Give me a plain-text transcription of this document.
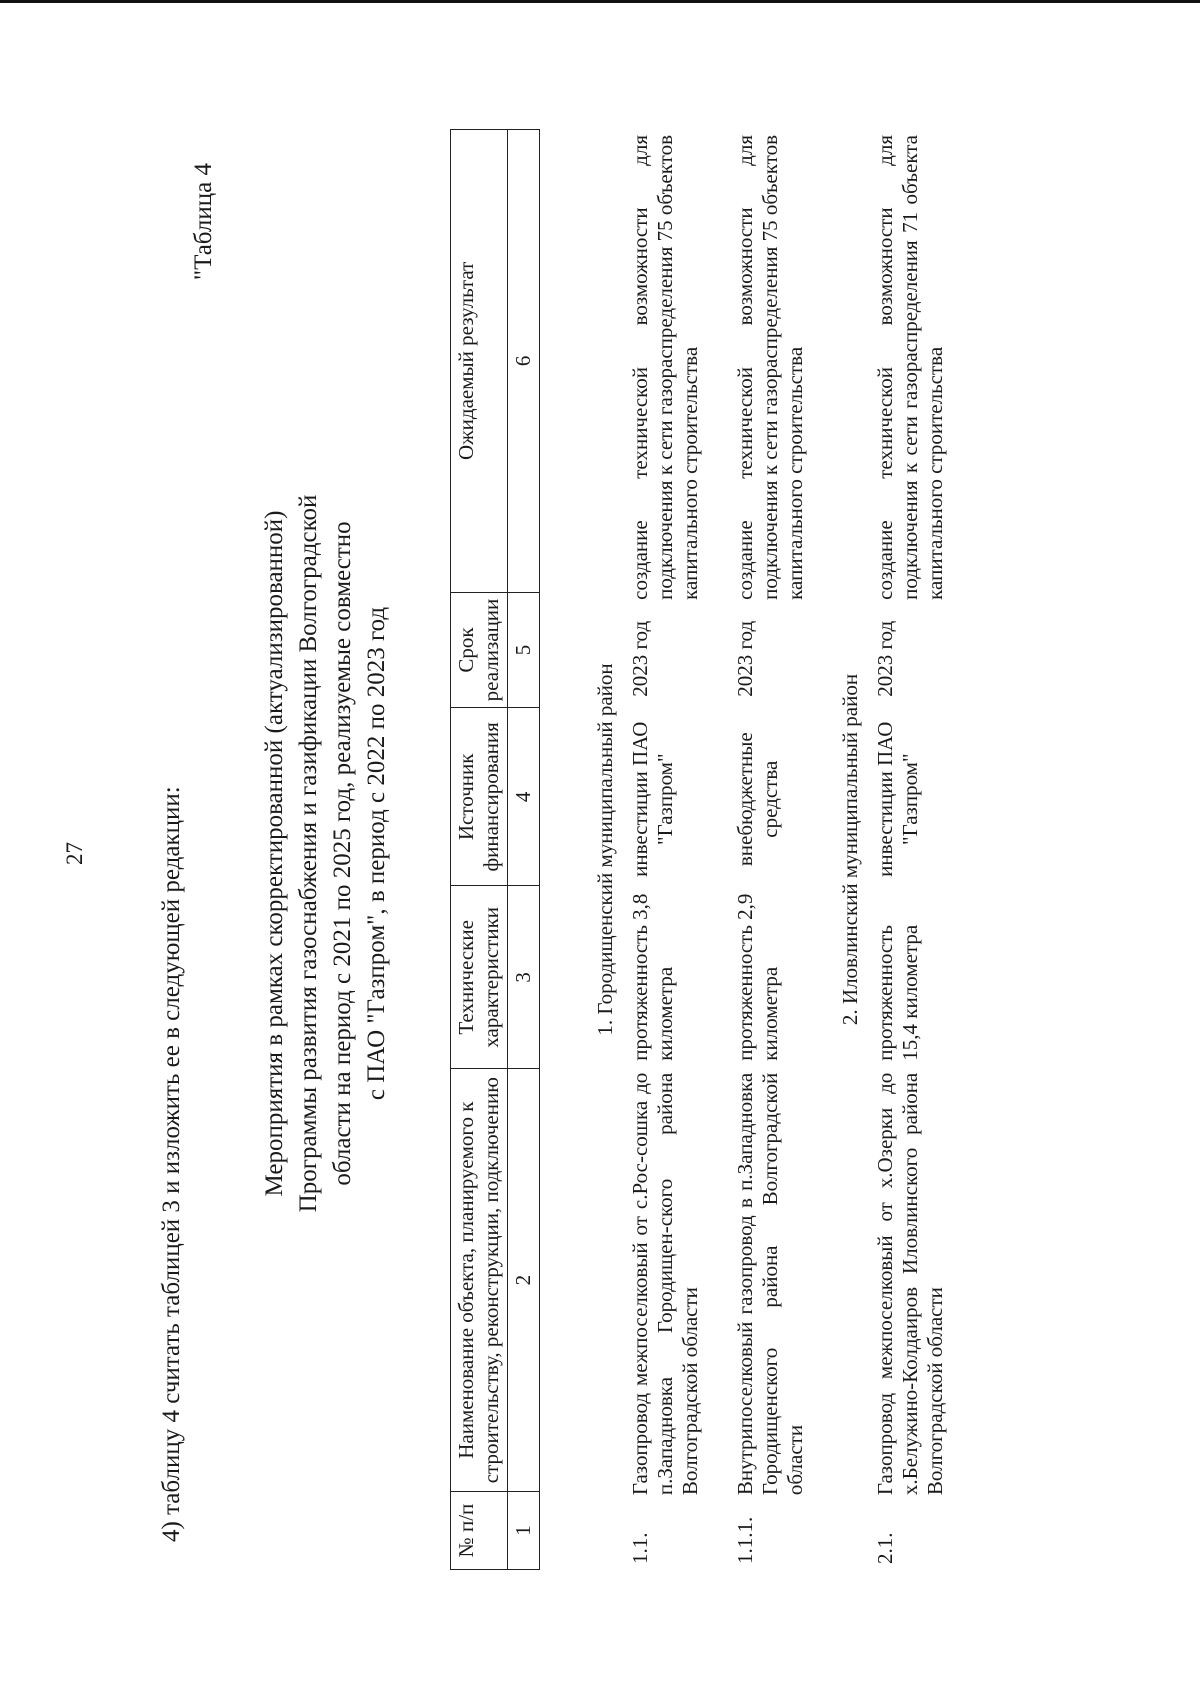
27	4) таблицу 4 считать таблицей 3 и изложить ее в следующей редакции:
"Таблица 4
Мероприятия в рамках скорректированной (актуализированной) Программы развития газоснабжения и газификации Волгоградской области на период с 2021 по 2025 год, реализуемые совместно с ПАО "Газпром", в период с 2022 по 2023 год
№ п/п	Наименование объекта, планируемого к строительству, реконструкции, подключению	Технические характеристики	Источник финансирования	Срок реализации	Ожидаемый результат
1	2	3	4	5	6
1. Городищенский муниципальный район					
1.1.	Газопровод межпоселковый от с.Рос-сошка до п.Западновка Городищен-ского района Волгоградской области	протяженность 3,8 километра	инвестиции ПАО "Газпром"	2023 год	создание технической возможности для подключения к сети газораспределения 75 объектов капитального строительства

1.1.1.	Внутрипоселковый газопровод в п.Западновка Городищенского района Волгоградской области	протяженность 2,9 километра	внебюджетные средства	2023 год	создание технической возможности для подключения к сети газораспределения 75 объектов капитального строительства
2. Иловлинский муниципальный район					
2.1.	Газопровод межпоселковый от х.Озерки до х.Белужино-Колдаиров Иловлинского района Волгоградской области	протяженность 15,4 километра	инвестиции ПАО "Газпром"	2023 год	создание технической возможности для подключения к сети газораспределения 71 объекта капитального строительства
